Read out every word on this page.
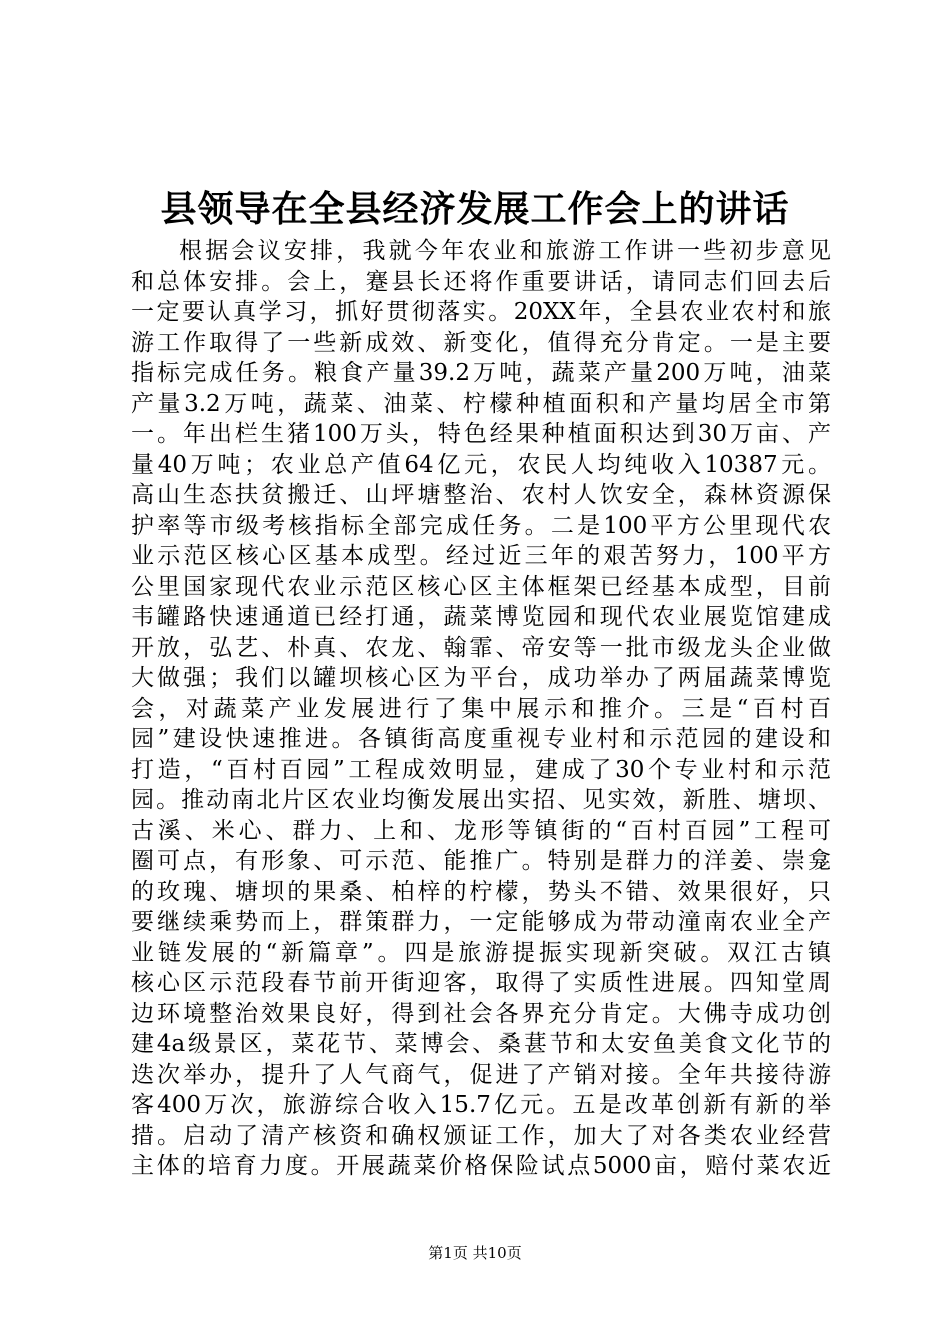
县领导在全县经济发展工作会上的讲话
根据会议安排，我就今年农业和旅游工作讲一些初步意见
和总体安排。会上，蹇县长还将作重要讲话，请同志们回去后
一定要认真学习，抓好贯彻落实。20XX年，全县农业农村和旅
游工作取得了一些新成效、新变化，值得充分肯定。一是主要
指标完成任务。粮食产量39.2万吨，蔬菜产量200万吨，油菜
产量3.2万吨，蔬菜、油菜、柠檬种植面积和产量均居全市第
一。年出栏生猪100万头，特色经果种植面积达到30万亩、产
量40万吨；农业总产值64亿元，农民人均纯收入10387元。
高山生态扶贫搬迁、山坪塘整治、农村人饮安全，森林资源保
护率等市级考核指标全部完成任务。二是100平方公里现代农
业示范区核心区基本成型。经过近三年的艰苦努力，100平方
公里国家现代农业示范区核心区主体框架已经基本成型，目前
韦罐路快速通道已经打通，蔬菜博览园和现代农业展览馆建成
开放，弘艺、朴真、农龙、翰霏、帝安等一批市级龙头企业做
大做强；我们以罐坝核心区为平台，成功举办了两届蔬菜博览
会，对蔬菜产业发展进行了集中展示和推介。三是“百村百
园”建设快速推进。各镇街高度重视专业村和示范园的建设和
打造，“百村百园”工程成效明显，建成了30个专业村和示范
园。推动南北片区农业均衡发展出实招、见实效，新胜、塘坝、
古溪、米心、群力、上和、龙形等镇街的“百村百园”工程可
圈可点，有形象、可示范、能推广。特别是群力的洋姜、崇龛
的玫瑰、塘坝的果桑、柏梓的柠檬，势头不错、效果很好，只
要继续乘势而上，群策群力，一定能够成为带动潼南农业全产
业链发展的“新篇章”。四是旅游提振实现新突破。双江古镇
核心区示范段春节前开街迎客，取得了实质性进展。四知堂周
边环境整治效果良好，得到社会各界充分肯定。大佛寺成功创
建4a级景区，菜花节、菜博会、桑葚节和太安鱼美食文化节的
迭次举办，提升了人气商气，促进了产销对接。全年共接待游
客400万次，旅游综合收入15.7亿元。五是改革创新有新的举
措。启动了清产核资和确权颁证工作，加大了对各类农业经营
主体的培育力度。开展蔬菜价格保险试点5000亩，赔付菜农近
第1页 共10页
